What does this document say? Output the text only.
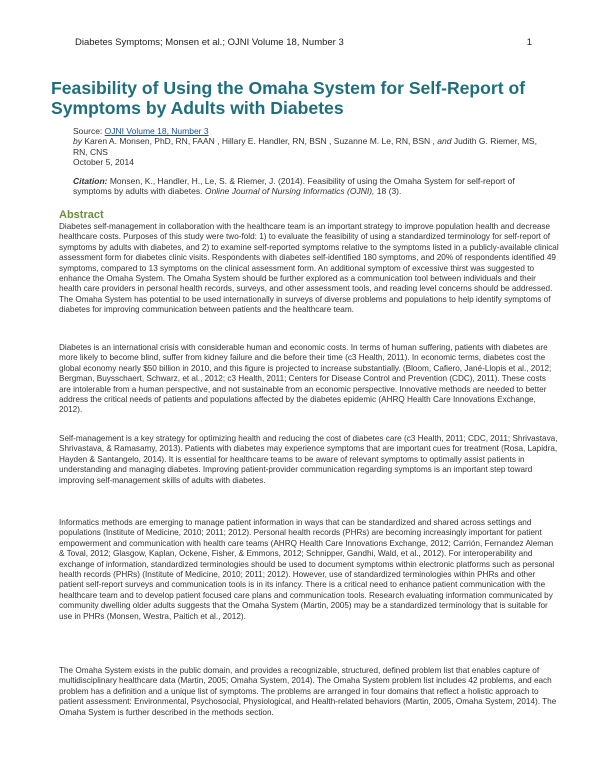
Diabetes Symptoms; Monsen et al.; OJNI Volume 18, Number 3	1
Feasibility of Using the Omaha System for Self-Report of Symptoms by Adults with Diabetes
Source: OJNI Volume 18, Number 3
by Karen A. Monsen, PhD, RN, FAAN , Hillary E. Handler, RN, BSN , Suzanne M. Le, RN, BSN , and Judith G. Riemer, MS, RN, CNS
October 5, 2014
Citation: Monsen, K., Handler, H., Le, S. & Riemer, J. (2014). Feasibility of using the Omaha System for self-report of symptoms by adults with diabetes. Online Journal of Nursing Informatics (OJNI), 18 (3).
Abstract

Diabetes self-management in collaboration with the healthcare team is an important strategy to improve population health and decrease healthcare costs. Purposes of this study were two-fold: 1) to evaluate the feasibility of using a standardized terminology for self-report of symptoms by adults with diabetes, and 2) to examine self-reported symptoms relative to the symptoms listed in a publicly-available clinical assessment form for diabetes clinic visits. Respondents with diabetes self-identified 180 symptoms, and 20% of respondents identified 49 symptoms, compared to 13 symptoms on the clinical assessment form. An additional symptom of excessive thirst was suggested to enhance the Omaha System. The Omaha System should be further explored as a communication tool between individuals and their health care providers in personal health records, surveys, and other assessment tools, and reading level concerns should be addressed. The Omaha System has potential to be used internationally in surveys of diverse problems and populations to help identify symptoms of diabetes for improving communication between patients and the healthcare team.

Diabetes is an international crisis with considerable human and economic costs. In terms of human suffering, patients with diabetes are more likely to become blind, suffer from kidney failure and die before their time (c3 Health, 2011). In economic terms, diabetes cost the global economy nearly $50 billion in 2010, and this figure is projected to increase substantially. (Bloom, Cafiero, Jané-Llopis et al., 2012; Bergman, Buysschaert, Schwarz, et al., 2012; c3 Health, 2011; Centers for Disease Control and Prevention (CDC), 2011). These costs are intolerable from a human perspective, and not sustainable from an economic perspective. Innovative methods are needed to better address the critical needs of patients and populations affected by the diabetes epidemic (AHRQ Health Care Innovations Exchange, 2012).

Self-management is a key strategy for optimizing health and reducing the cost of diabetes care (c3 Health, 2011; CDC, 2011; Shrivastava, Shrivastava, & Ramasamy, 2013). Patients with diabetes may experience symptoms that are important cues for treatment (Rosa, Lapidra, Hayden & Santangelo, 2014). It is essential for healthcare teams to be aware of relevant symptoms to optimally assist patients in understanding and managing diabetes. Improving patient-provider communication regarding symptoms is an important step toward improving self-management skills of adults with diabetes.

Informatics methods are emerging to manage patient information in ways that can be standardized and shared across settings and populations (Institute of Medicine, 2010; 2011; 2012). Personal health records (PHRs) are becoming increasingly important for patient empowerment and communication with health care teams (AHRQ Health Care Innovations Exchange, 2012; Carrión, Fernandez Aleman & Toval, 2012; Glasgow, Kaplan, Ockene, Fisher, & Emmons, 2012; Schnipper, Gandhi, Wald, et al., 2012). For interoperability and exchange of information, standardized terminologies should be used to document symptoms within electronic platforms such as personal health records (PHRs) (Institute of Medicine, 2010; 2011; 2012). However, use of standardized terminologies within PHRs and other patient self-report surveys and communication tools is in its infancy. There is a critical need to enhance patient communication with the healthcare team and to develop patient focused care plans and communication tools. Research evaluating information communicated by community dwelling older adults suggests that the Omaha System (Martin, 2005) may be a standardized terminology that is suitable for use in PHRs (Monsen, Westra, Paitich et al., 2012).

The Omaha System exists in the public domain, and provides a recognizable, structured, defined problem list that enables capture of multidisciplinary healthcare data (Martin, 2005; Omaha System, 2014). The Omaha System problem list includes 42 problems, and each problem has a definition and a unique list of symptoms. The problems are arranged in four domains that reflect a holistic approach to patient assessment: Environmental, Psychosocial, Physiological, and Health-related behaviors (Martin, 2005, Omaha System, 2014). The Omaha System is further described in the methods section.
